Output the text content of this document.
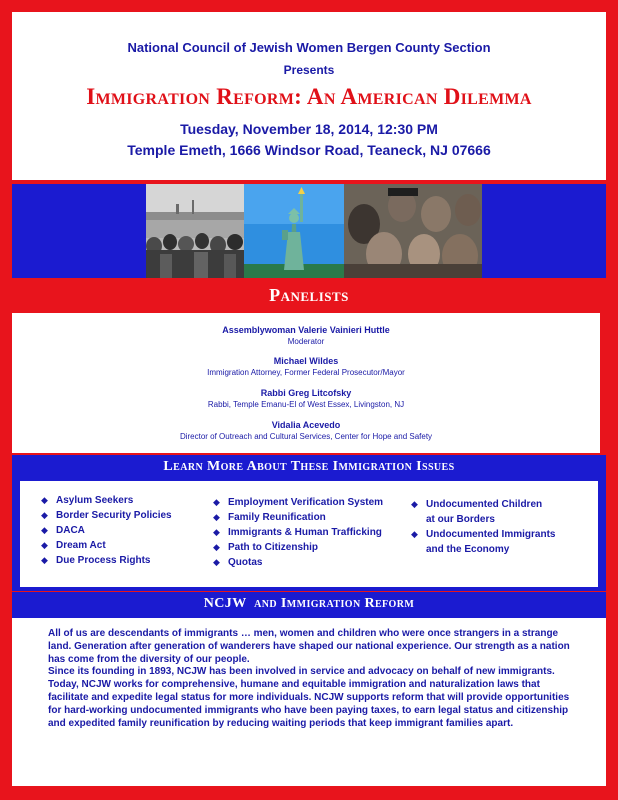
National Council of Jewish Women Bergen County Section
Presents
Immigration Reform: An American Dilemma
Tuesday, November 18, 2014, 12:30 PM
Temple Emeth, 1666 Windsor Road, Teaneck, NJ 07666
Panelists
Assemblywoman Valerie Vainieri Huttle
Moderator
Michael Wildes
Immigration Attorney, Former Federal Prosecutor/Mayor
Rabbi Greg Litcofsky
Rabbi, Temple Emanu-El of West Essex, Livingston, NJ
Vidalia Acevedo
Director of Outreach and Cultural Services, Center for Hope and Safety
Learn More About These Immigration Issues
◆ Asylum Seekers
◆ Border Security Policies
◆ DACA
◆ Dream Act
◆ Due Process Rights
◆ Employment Verification System
◆ Family Reunification
◆ Immigrants & Human Trafficking
◆ Path to Citizenship
◆ Quotas
◆ Undocumented Children
at our Borders
◆ Undocumented Immigrants
and the Economy
NCJW  and Immigration Reform

All of us are descendants of immigrants … men, women and children who were once strangers in a strange land. Generation after generation of wanderers have shaped our national experience. Our strength as a nation has come from the diversity of our people.
Since its founding in 1893, NCJW has been involved in service and advocacy on behalf of new immigrants. Today, NCJW works for comprehensive, humane and equitable immigration and naturalization laws that facilitate and expedite legal status for more individuals. NCJW supports reform that will provide opportunities for hard-working undocumented immigrants who have been paying taxes, to earn legal status and citizenship and expedited family reunification by reducing waiting periods that keep immigrant families apart.
